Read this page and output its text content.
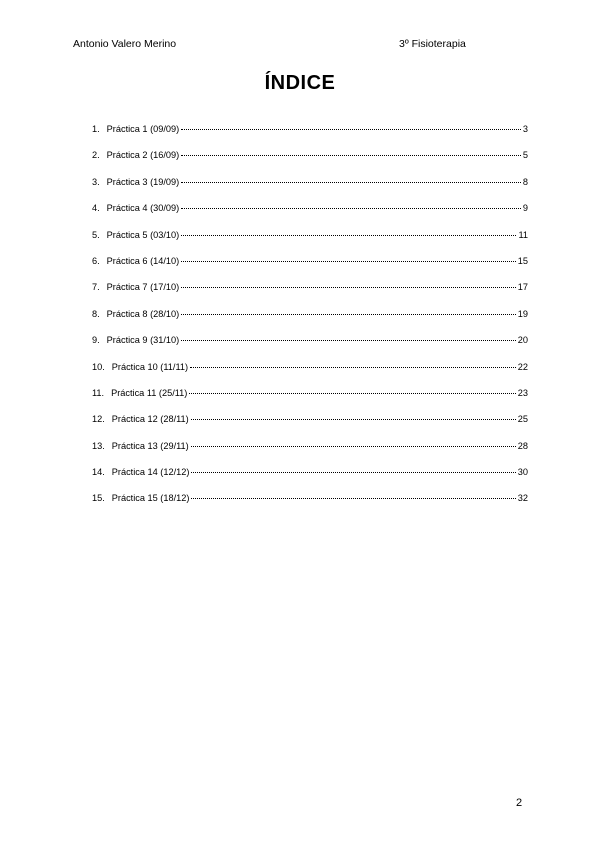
Antonio Valero Merino	3º Fisioterapia
ÍNDICE
1. Práctica 1 (09/09)	3
2. Práctica 2 (16/09)	5
3. Práctica 3 (19/09)	8
4. Práctica 4 (30/09)	9
5. Práctica 5 (03/10)	11
6. Práctica 6 (14/10)	15
7. Práctica 7 (17/10)	17
8. Práctica 8 (28/10)	19
9. Práctica 9 (31/10)	20
10. Práctica 10 (11/11)	22
11. Práctica 11 (25/11)	23
12. Práctica 12 (28/11)	25
13. Práctica 13 (29/11)	28
14. Práctica 14 (12/12)	30
15. Práctica 15 (18/12)	32
2
